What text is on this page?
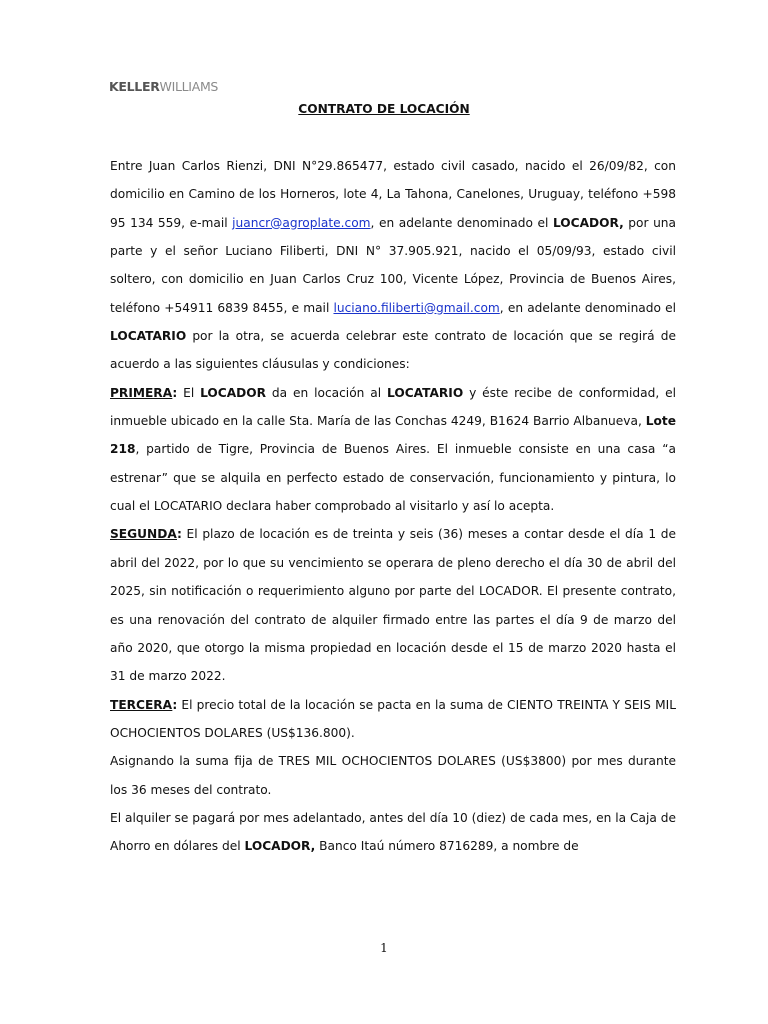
KELLERWILLIAMS
CONTRATO DE LOCACIÓN

Entre Juan Carlos Rienzi, DNI N°29.865477, estado civil casado, nacido el 26/09/82, con domicilio en Camino de los Horneros, lote 4, La Tahona, Canelones, Uruguay, teléfono +598 95 134 559, e-mail juancr@agroplate.com, en adelante denominado el LOCADOR, por una parte y el señor Luciano Filiberti, DNI N° 37.905.921, nacido el 05/09/93, estado civil soltero, con domicilio en Juan Carlos Cruz 100, Vicente López, Provincia de Buenos Aires, teléfono +54911 6839 8455, e mail luciano.filiberti@gmail.com, en adelante denominado el LOCATARIO por la otra, se acuerda celebrar este contrato de locación que se regirá de acuerdo a las siguientes cláusulas y condiciones:

PRIMERA: El LOCADOR da en locación al LOCATARIO y éste recibe de conformidad, el inmueble ubicado en la calle Sta. María de las Conchas 4249, B1624 Barrio Albanueva, Lote 218, partido de Tigre, Provincia de Buenos Aires. El inmueble consiste en una casa “a estrenar” que se alquila en perfecto estado de conservación, funcionamiento y pintura, lo cual el LOCATARIO declara haber comprobado al visitarlo y así lo acepta.

SEGUNDA: El plazo de locación es de treinta y seis (36) meses a contar desde el día 1 de abril del 2022, por lo que su vencimiento se operara de pleno derecho el día 30 de abril del 2025, sin notificación o requerimiento alguno por parte del LOCADOR. El presente contrato, es una renovación del contrato de alquiler firmado entre las partes el día 9 de marzo del año 2020, que otorgo la misma propiedad en locación desde el 15 de marzo 2020 hasta el 31 de marzo 2022.

TERCERA: El precio total de la locación se pacta en la suma de CIENTO TREINTA Y SEIS MIL OCHOCIENTOS DOLARES (US$136.800).

Asignando la suma fija de TRES MIL OCHOCIENTOS DOLARES (US$3800) por mes durante los 36 meses del contrato.

El alquiler se pagará por mes adelantado, antes del día 10 (diez) de cada mes, en la Caja de Ahorro en dólares del LOCADOR, Banco Itaú número 8716289, a nombre de

1
